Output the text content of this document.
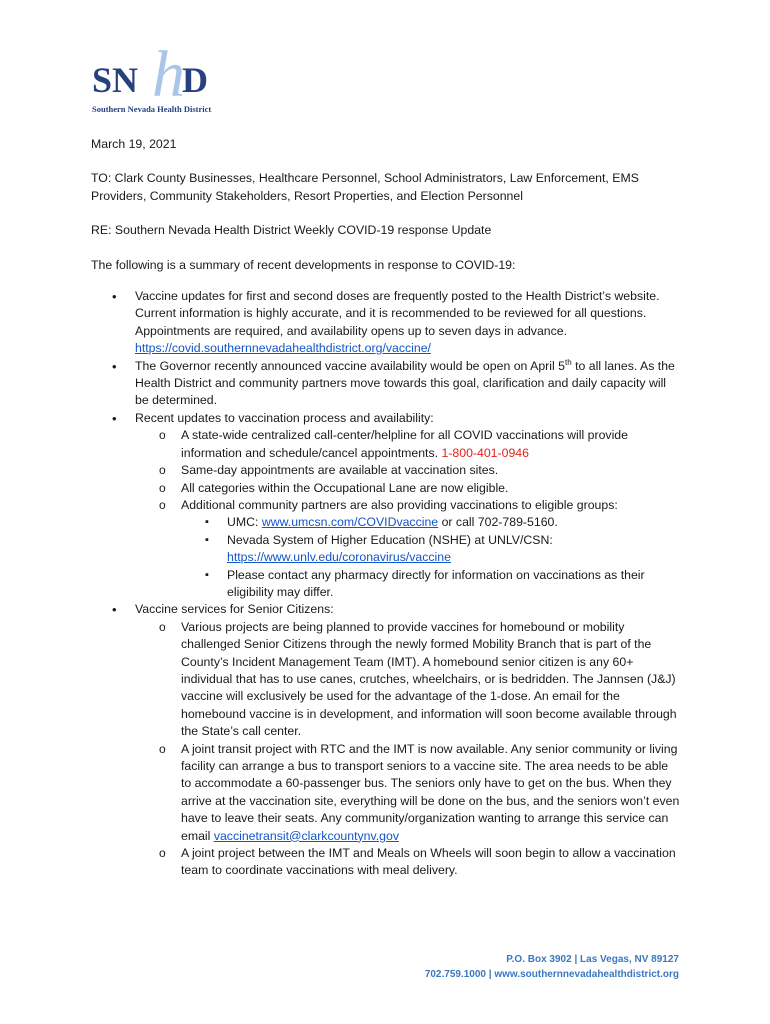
h
SN D
Southern Nevada Health District

March 19, 2021

TO: Clark County Businesses, Healthcare Personnel, School Administrators, Law Enforcement, EMS Providers, Community Stakeholders, Resort Properties, and Election Personnel

RE: Southern Nevada Health District Weekly COVID-19 response Update

The following is a summary of recent developments in response to COVID-19:

• Vaccine updates for first and second doses are frequently posted to the Health District’s website. Current information is highly accurate, and it is recommended to be reviewed for all questions. Appointments are required, and availability opens up to seven days in advance. https://covid.southernnevadahealthdistrict.org/vaccine/
• The Governor recently announced vaccine availability would be open on April 5th to all lanes. As the Health District and community partners move towards this goal, clarification and daily capacity will be determined.
• Recent updates to vaccination process and availability:
o A state-wide centralized call-center/helpline for all COVID vaccinations will provide information and schedule/cancel appointments. 1-800-401-0946
o Same-day appointments are available at vaccination sites.
o All categories within the Occupational Lane are now eligible.
o Additional community partners are also providing vaccinations to eligible groups:
▪ UMC: www.umcsn.com/COVIDvaccine or call 702-789-5160.
▪ Nevada System of Higher Education (NSHE) at UNLV/CSN:
https://www.unlv.edu/coronavirus/vaccine
▪ Please contact any pharmacy directly for information on vaccinations as their eligibility may differ.
• Vaccine services for Senior Citizens:
o Various projects are being planned to provide vaccines for homebound or mobility challenged Senior Citizens through the newly formed Mobility Branch that is part of the County’s Incident Management Team (IMT). A homebound senior citizen is any 60+ individual that has to use canes, crutches, wheelchairs, or is bedridden. The Jannsen (J&J) vaccine will exclusively be used for the advantage of the 1-dose. An email for the homebound vaccine is in development, and information will soon become available through the State’s call center.
o A joint transit project with RTC and the IMT is now available. Any senior community or living facility can arrange a bus to transport seniors to a vaccine site. The area needs to be able to accommodate a 60-passenger bus. The seniors only have to get on the bus. When they arrive at the vaccination site, everything will be done on the bus, and the seniors won’t even have to leave their seats. Any community/organization wanting to arrange this service can email vaccinetransit@clarkcountynv.gov
o A joint project between the IMT and Meals on Wheels will soon begin to allow a vaccination team to coordinate vaccinations with meal delivery.
P.O. Box 3902 | Las Vegas, NV 89127
702.759.1000 | www.southernnevadahealthdistrict.org
